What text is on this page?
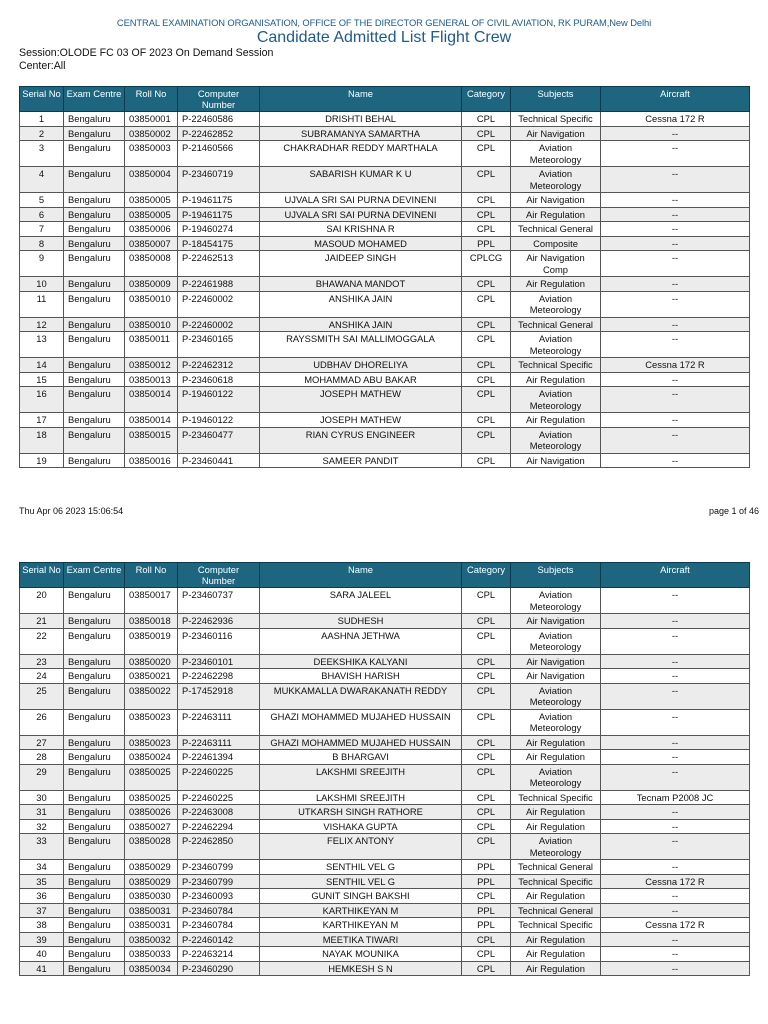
CENTRAL EXAMINATION ORGANISATION, OFFICE OF THE DIRECTOR GENERAL OF CIVIL AVIATION, RK PURAM,New Delhi
Candidate Admitted List Flight Crew
Session:OLODE FC 03 OF 2023 On Demand Session
Center:All
Serial No	Exam Centre	Roll No	Computer Number	Name	Category	Subjects	Aircraft
1	Bengaluru	03850001	P-22460586	DRISHTI BEHAL	CPL	Technical Specific	Cessna 172 R
2	Bengaluru	03850002	P-22462852	SUBRAMANYA SAMARTHA	CPL	Air Navigation	--
3	Bengaluru	03850003	P-21460566	CHAKRADHAR REDDY MARTHALA	CPL	Aviation Meteorology	--
4	Bengaluru	03850004	P-23460719	SABARISH KUMAR K U	CPL	Aviation Meteorology	--
5	Bengaluru	03850005	P-19461175	UJVALA SRI SAI PURNA DEVINENI	CPL	Air Navigation	--
6	Bengaluru	03850005	P-19461175	UJVALA SRI SAI PURNA DEVINENI	CPL	Air Regulation	--
7	Bengaluru	03850006	P-19460274	SAI KRISHNA R	CPL	Technical General	--
8	Bengaluru	03850007	P-18454175	MASOUD MOHAMED	PPL	Composite	--
9	Bengaluru	03850008	P-22462513	JAIDEEP SINGH	CPLCG	Air Navigation Comp	--
10	Bengaluru	03850009	P-22461988	BHAWANA MANDOT	CPL	Air Regulation	--
11	Bengaluru	03850010	P-22460002	ANSHIKA JAIN	CPL	Aviation Meteorology	--
12	Bengaluru	03850010	P-22460002	ANSHIKA JAIN	CPL	Technical General	--
13	Bengaluru	03850011	P-23460165	RAYSSMITH SAI MALLIMOGGALA	CPL	Aviation Meteorology	--
14	Bengaluru	03850012	P-22462312	UDBHAV DHORELIYA	CPL	Technical Specific	Cessna 172 R
15	Bengaluru	03850013	P-23460618	MOHAMMAD ABU BAKAR	CPL	Air Regulation	--
16	Bengaluru	03850014	P-19460122	JOSEPH MATHEW	CPL	Aviation Meteorology	--
17	Bengaluru	03850014	P-19460122	JOSEPH MATHEW	CPL	Air Regulation	--
18	Bengaluru	03850015	P-23460477	RIAN CYRUS ENGINEER	CPL	Aviation Meteorology	--
19	Bengaluru	03850016	P-23460441	SAMEER PANDIT	CPL	Air Navigation	--
Thu Apr 06 2023 15:06:54	page 1 of 46
Serial No	Exam Centre	Roll No	Computer Number	Name	Category	Subjects	Aircraft
20	Bengaluru	03850017	P-23460737	SARA JALEEL	CPL	Aviation Meteorology	--
21	Bengaluru	03850018	P-22462936	SUDHESH	CPL	Air Navigation	--
22	Bengaluru	03850019	P-23460116	AASHNA JETHWA	CPL	Aviation Meteorology	--
23	Bengaluru	03850020	P-23460101	DEEKSHIKA KALYANI	CPL	Air Navigation	--
24	Bengaluru	03850021	P-22462298	BHAVISH HARISH	CPL	Air Navigation	--
25	Bengaluru	03850022	P-17452918	MUKKAMALLA DWARAKANATH REDDY	CPL	Aviation Meteorology	--
26	Bengaluru	03850023	P-22463111	GHAZI MOHAMMED MUJAHED HUSSAIN	CPL	Aviation Meteorology	--
27	Bengaluru	03850023	P-22463111	GHAZI MOHAMMED MUJAHED HUSSAIN	CPL	Air Regulation	--
28	Bengaluru	03850024	P-22461394	B BHARGAVI	CPL	Air Regulation	--
29	Bengaluru	03850025	P-22460225	LAKSHMI SREEJITH	CPL	Aviation Meteorology	--
30	Bengaluru	03850025	P-22460225	LAKSHMI SREEJITH	CPL	Technical Specific	Tecnam P2008 JC
31	Bengaluru	03850026	P-22463008	UTKARSH SINGH RATHORE	CPL	Air Regulation	--
32	Bengaluru	03850027	P-22462294	VISHAKA GUPTA	CPL	Air Regulation	--
33	Bengaluru	03850028	P-22462850	FELIX ANTONY	CPL	Aviation Meteorology	--
34	Bengaluru	03850029	P-23460799	SENTHIL VEL G	PPL	Technical General	--
35	Bengaluru	03850029	P-23460799	SENTHIL VEL G	PPL	Technical Specific	Cessna 172 R
36	Bengaluru	03850030	P-23460093	GUNIT SINGH BAKSHI	CPL	Air Regulation	--
37	Bengaluru	03850031	P-23460784	KARTHIKEYAN M	PPL	Technical General	--
38	Bengaluru	03850031	P-23460784	KARTHIKEYAN M	PPL	Technical Specific	Cessna 172 R
39	Bengaluru	03850032	P-22460142	MEETIKA TIWARI	CPL	Air Regulation	--
40	Bengaluru	03850033	P-22463214	NAYAK MOUNIKA	CPL	Air Regulation	--
41	Bengaluru	03850034	P-23460290	HEMKESH S N	CPL	Air Regulation	--
